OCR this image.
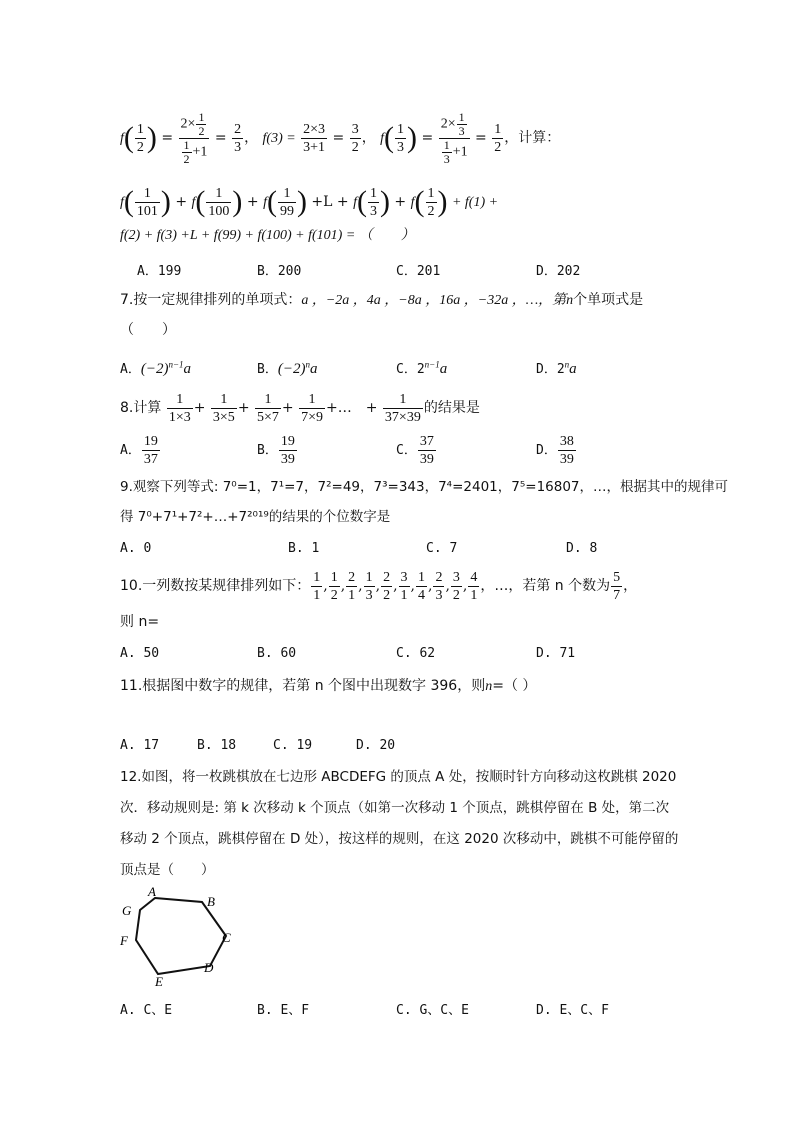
$f( \frac{1}{2}$ ) = $\frac{2\times \frac{1}{2}}{\frac{1}{2} +1} = \frac{2}{3}$ ， $f(3) = \frac{2\times 3}{3+1} = \frac{3}{2}$ ， $f( \frac{1}{3}$ ) = $\frac{2\times \frac{1}{3}}{\frac{1}{3} +1} = \frac{1}{2}$ ，计算：
$f( \frac{1}{101}$ ) + $f( \frac{1}{100}$ ) + $f( \frac{1}{99}$ ) $+L + f( \frac{1}{3}$ ) + $f( \frac{1}{2}$ ) + f(1) +
f(2) + f(3) +L + f(99) + f(100) + f(101) = （　　）
A．199	B．200	C．201	D．202
7.按一定规律排列的单项式：a ，−2a ，4a ，−8a ，16a ，−32a ，…，第n个单项式是
（　　）
A．$(-2)^{n-1}a$	B．$(-2)^na$	C．$2^{n-1}a$	D．2$^n$a
8.计算 $\frac{1}{1\times 3} + \frac{1}{3\times 5} + \frac{1}{5\times 7} + \frac{1}{7\times 9}$ +…　+ $\frac{1}{37\times 39}$ 的结果是
A． $\frac{19}{37}$	B． $\frac{19}{39}$	C． $\frac{37}{39}$	D． $\frac{38}{39}$
9.观察下列等式: 7⁰=1，7¹=7，7²=49，7³=343，7⁴=2401，7⁵=16807，…，根据其中的规律可
得 7⁰+7¹+7²+…+7²⁰¹⁹的结果的个位数字是
A. 0	B. 1	C. 7	D. 8
10.一列数按某规律排列如下： $\frac{1}{1}$ , $\frac{1}{2}$ , $\frac{2}{1}$ , $\frac{1}{3}$ , $\frac{2}{2}$ , $\frac{3}{1}$ , $\frac{1}{4}$ , $\frac{2}{3}$ , $\frac{3}{2}$ , $\frac{4}{1}$ ，…，若第 n 个数为 $\frac{5}{7}$ ，
则 n=
A. 50	B. 60	C. 62	D. 71
11.根据图中数字的规律，若第 n 个图中出现数字 396，则n=（ ）
A. 17	B. 18	C. 19	D. 20
12.如图，将一枚跳棋放在七边形 ABCDEFG 的顶点 A 处，按顺时针方向移动这枚跳棋 2020
次．移动规则是: 第 k 次移动 k 个顶点（如第一次移动 1 个顶点，跳棋停留在 B 处，第二次
移动 2 个顶点，跳棋停留在 D 处），按这样的规则，在这 2020 次移动中，跳棋不可能停留的
顶点是（　　）
A
B
C
D
E
F
G
A. C、E	B. E、F	C. G、C、E	D. E、C、F
